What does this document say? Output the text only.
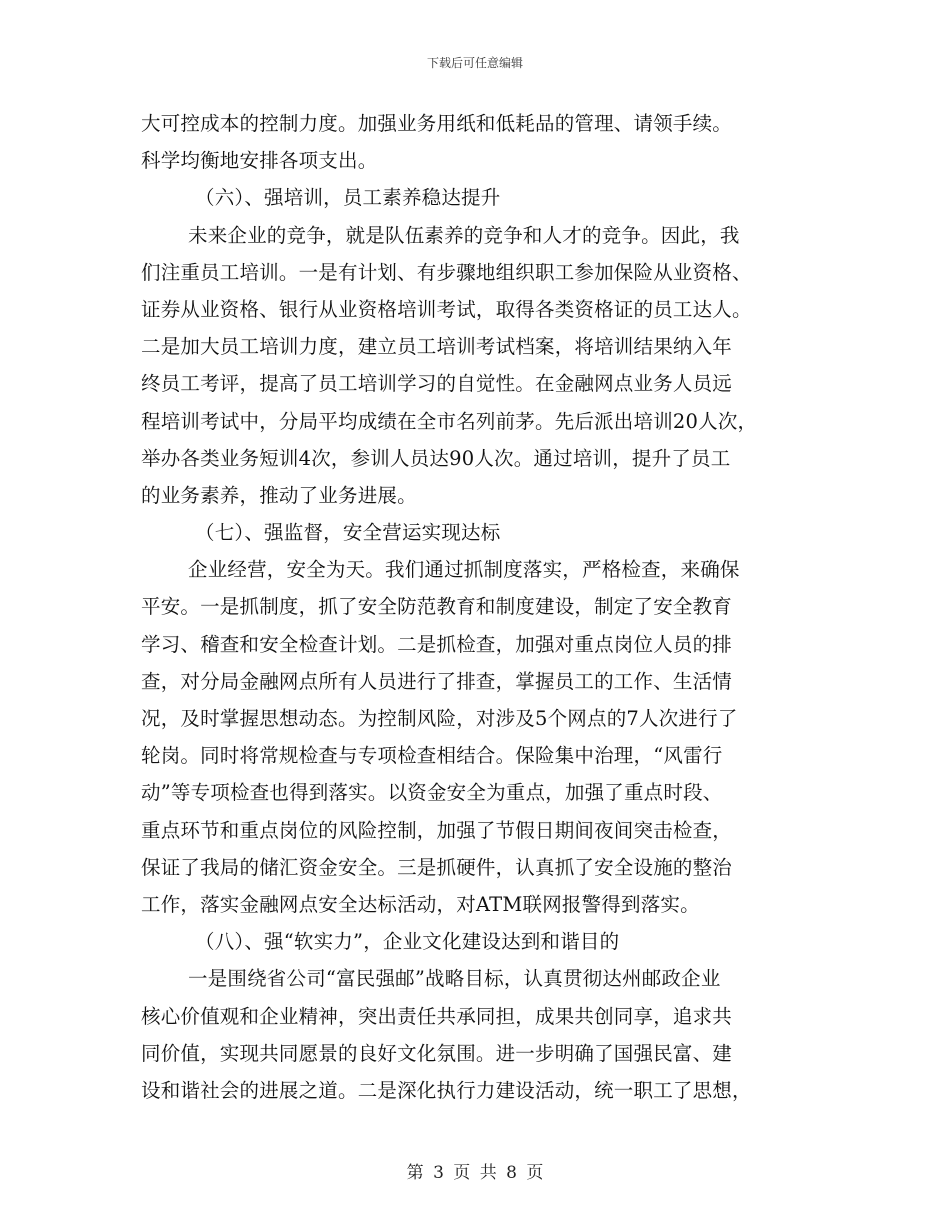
下载后可任意编辑
大可控成本的控制力度。加强业务用纸和低耗品的管理、请领手续。
科学均衡地安排各项支出。
（六）、强培训，员工素养稳达提升
未来企业的竞争，就是队伍素养的竞争和人才的竞争。因此，我
们注重员工培训。一是有计划、有步骤地组织职工参加保险从业资格、
证券从业资格、银行从业资格培训考试，取得各类资格证的员工达人。
二是加大员工培训力度，建立员工培训考试档案，将培训结果纳入年
终员工考评，提高了员工培训学习的自觉性。在金融网点业务人员远
程培训考试中，分局平均成绩在全市名列前茅。先后派出培训20人次，
举办各类业务短训4次，参训人员达90人次。通过培训，提升了员工
的业务素养，推动了业务进展。
（七）、强监督，安全营运实现达标
企业经营，安全为天。我们通过抓制度落实，严格检查，来确保
平安。一是抓制度，抓了安全防范教育和制度建设，制定了安全教育
学习、稽查和安全检查计划。二是抓检查，加强对重点岗位人员的排
查，对分局金融网点所有人员进行了排查，掌握员工的工作、生活情
况，及时掌握思想动态。为控制风险，对涉及5个网点的7人次进行了
轮岗。同时将常规检查与专项检查相结合。保险集中治理，“风雷行
动”等专项检查也得到落实。以资金安全为重点，加强了重点时段、
重点环节和重点岗位的风险控制，加强了节假日期间夜间突击检查，
保证了我局的储汇资金安全。三是抓硬件，认真抓了安全设施的整治
工作，落实金融网点安全达标活动，对ATM联网报警得到落实。
（八）、强“软实力”，企业文化建设达到和谐目的
一是围绕省公司“富民强邮”战略目标，认真贯彻达州邮政企业
核心价值观和企业精神，突出责任共承同担，成果共创同享，追求共
同价值，实现共同愿景的良好文化氛围。进一步明确了国强民富、建
设和谐社会的进展之道。二是深化执行力建设活动，统一职工了思想，
第 3 页 共 8 页
